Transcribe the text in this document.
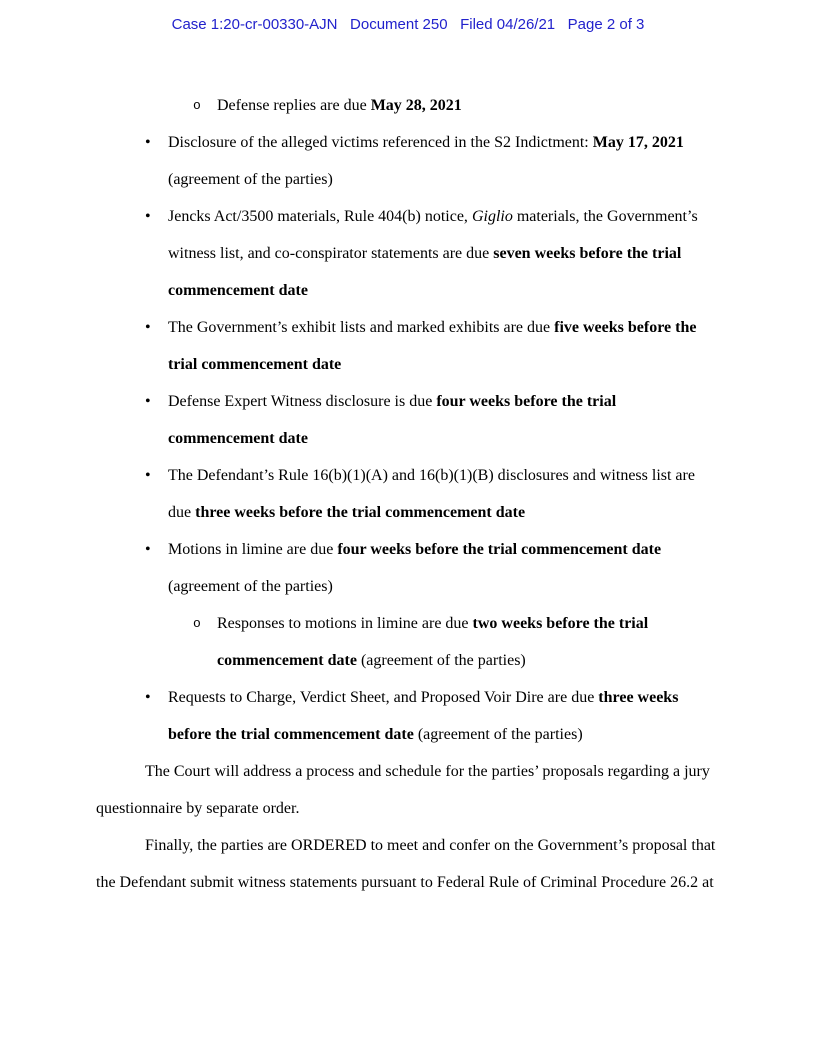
Case 1:20-cr-00330-AJN   Document 250   Filed 04/26/21   Page 2 of 3
o Defense replies are due May 28, 2021
• Disclosure of the alleged victims referenced in the S2 Indictment: May 17, 2021 (agreement of the parties)
• Jencks Act/3500 materials, Rule 404(b) notice, Giglio materials, the Government’s witness list, and co-conspirator statements are due seven weeks before the trial commencement date
• The Government’s exhibit lists and marked exhibits are due five weeks before the trial commencement date
• Defense Expert Witness disclosure is due four weeks before the trial commencement date
• The Defendant’s Rule 16(b)(1)(A) and 16(b)(1)(B) disclosures and witness list are due three weeks before the trial commencement date
• Motions in limine are due four weeks before the trial commencement date (agreement of the parties)
o Responses to motions in limine are due two weeks before the trial commencement date (agreement of the parties)
• Requests to Charge, Verdict Sheet, and Proposed Voir Dire are due three weeks before the trial commencement date (agreement of the parties)
The Court will address a process and schedule for the parties’ proposals regarding a jury questionnaire by separate order.
Finally, the parties are ORDERED to meet and confer on the Government’s proposal that the Defendant submit witness statements pursuant to Federal Rule of Criminal Procedure 26.2 at
